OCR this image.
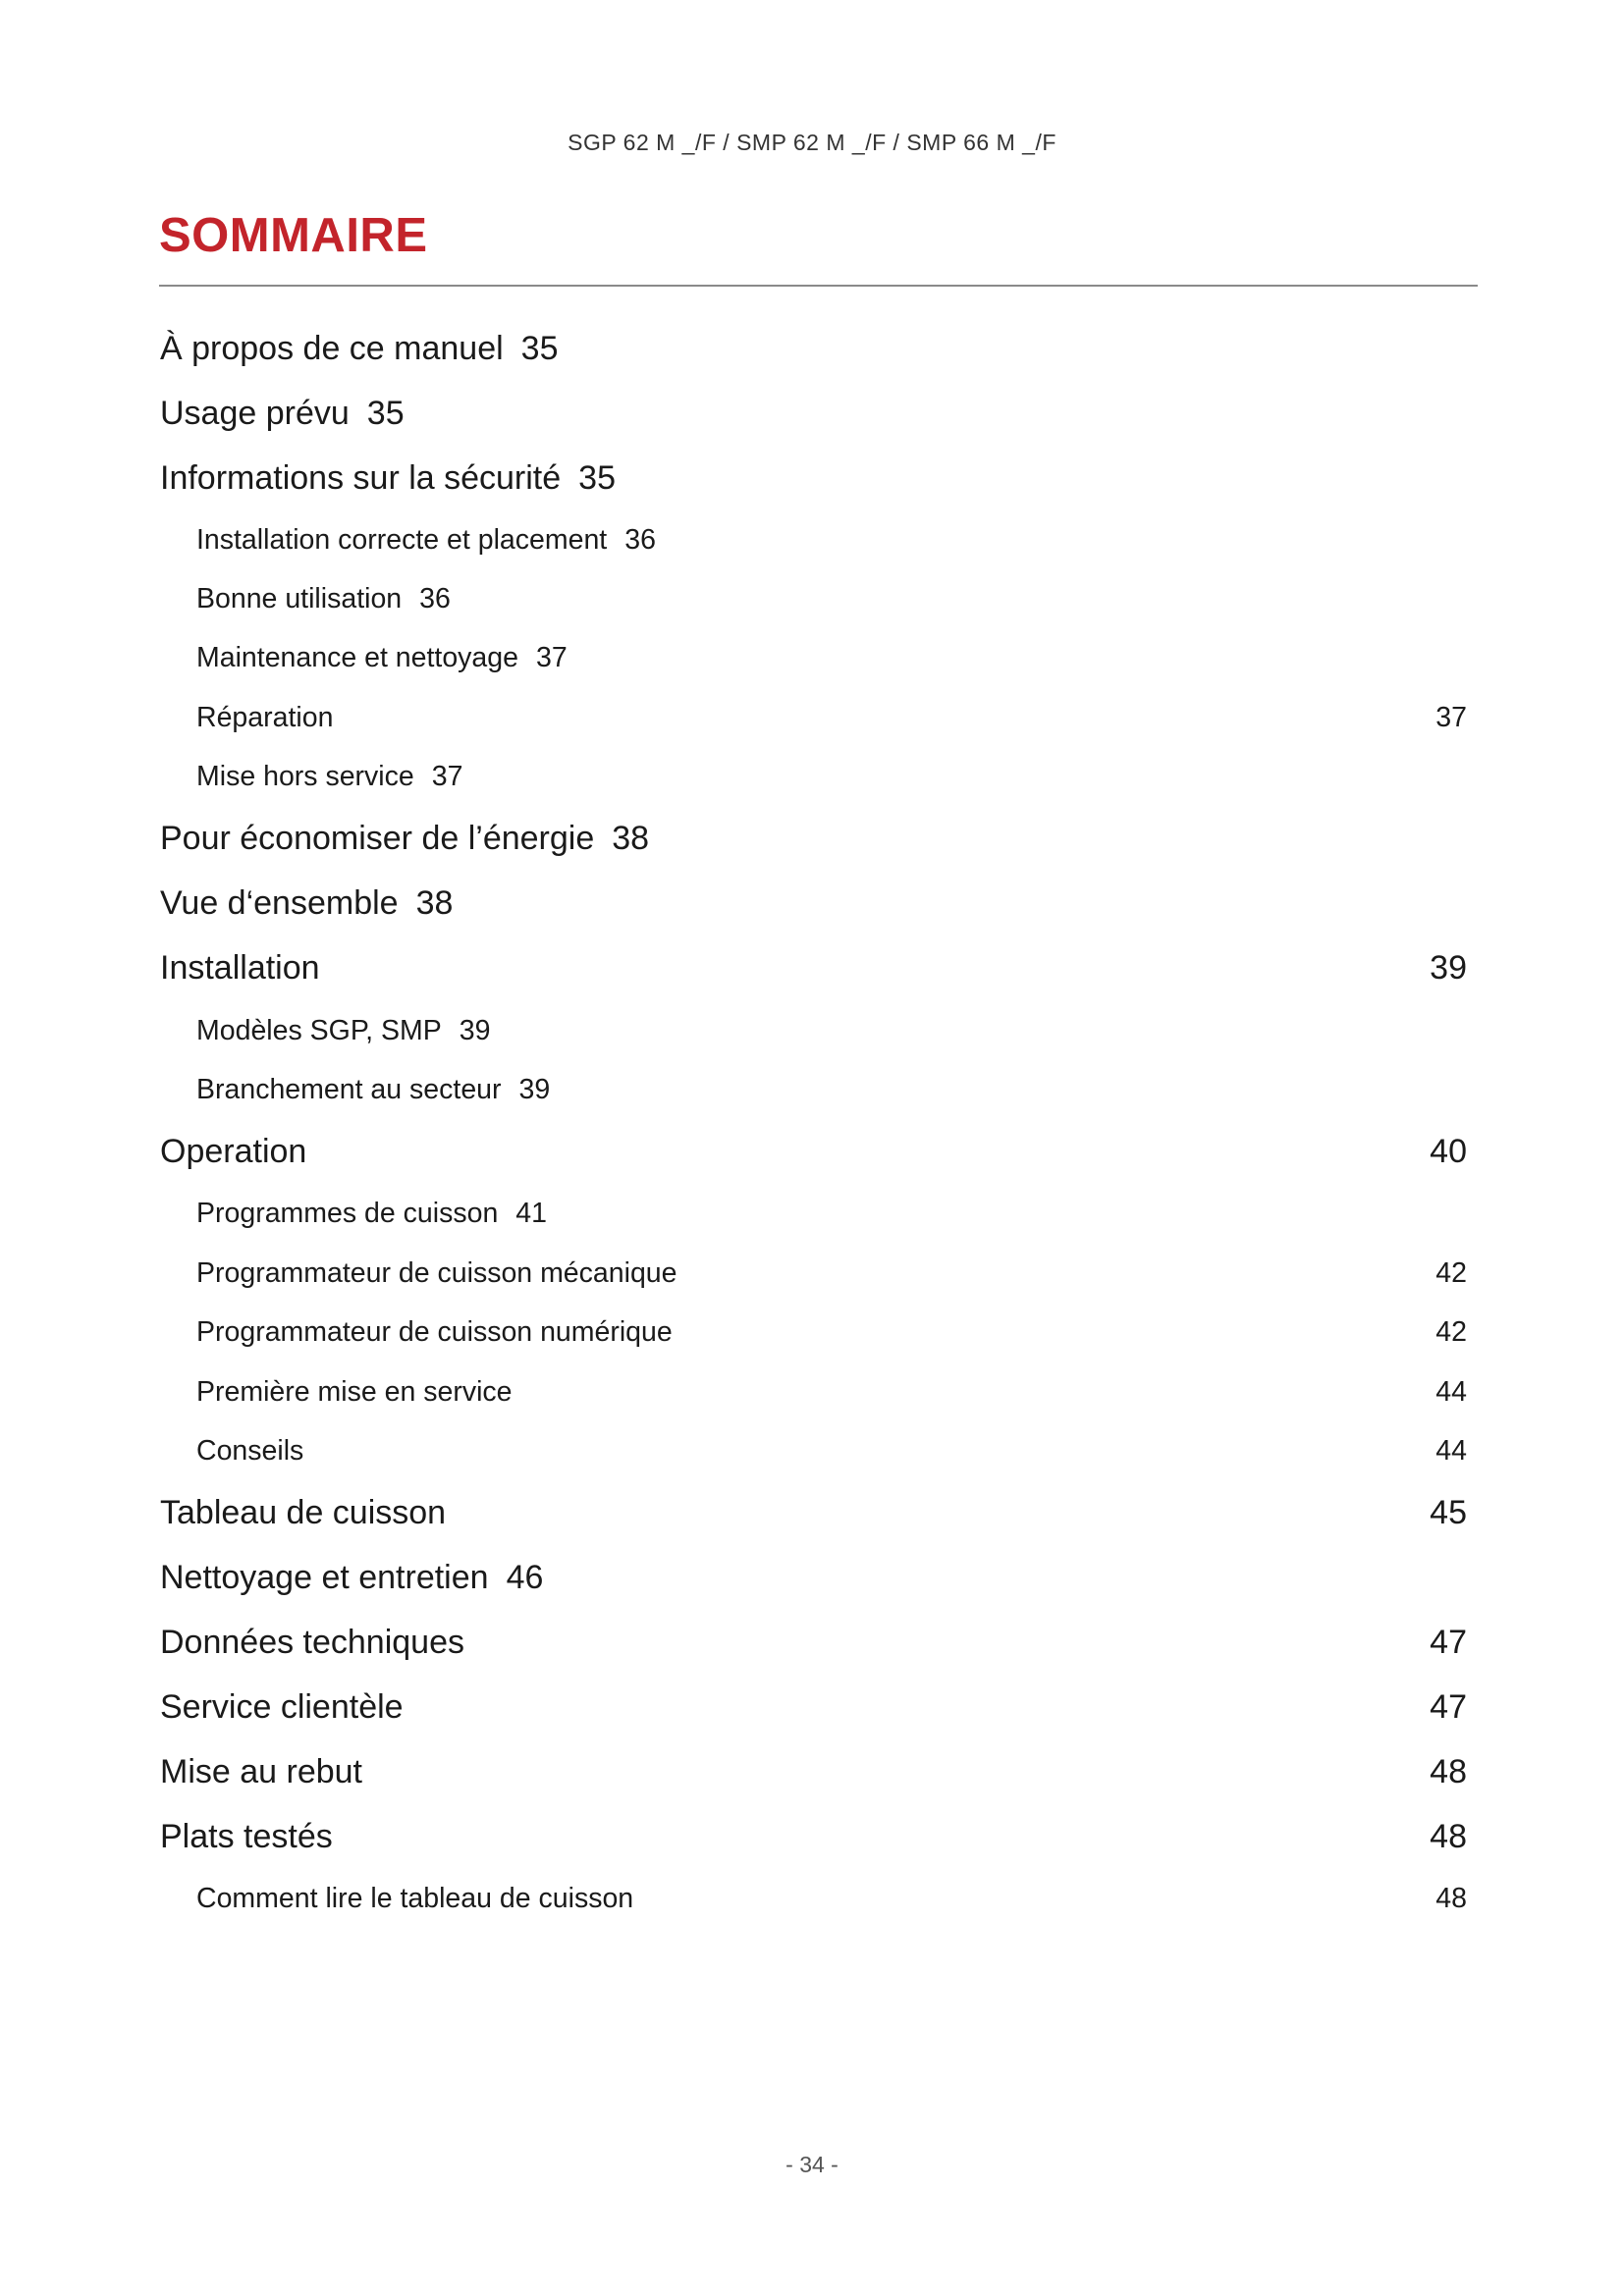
SGP 62 M _/F / SMP 62 M _/F / SMP 66 M _/F
SOMMAIRE
À propos de ce manuel 35
Usage prévu 35
Informations sur la sécurité 35
Installation correcte et placement 36
Bonne utilisation 36
Maintenance et nettoyage 37
Réparation	37
Mise hors service 37
Pour économiser de l’énergie 38
Vue d‘ensemble 38
Installation	39
Modèles SGP, SMP 39
Branchement au secteur 39
Operation	40
Programmes de cuisson 41
Programmateur de cuisson mécanique	42
Programmateur de cuisson numérique	42
Première mise en service	44
Conseils	44
Tableau de cuisson	45
Nettoyage et entretien 46
Données techniques	47
Service clientèle	47
Mise au rebut	48
Plats testés	48
Comment lire le tableau de cuisson	48
- 34 -
